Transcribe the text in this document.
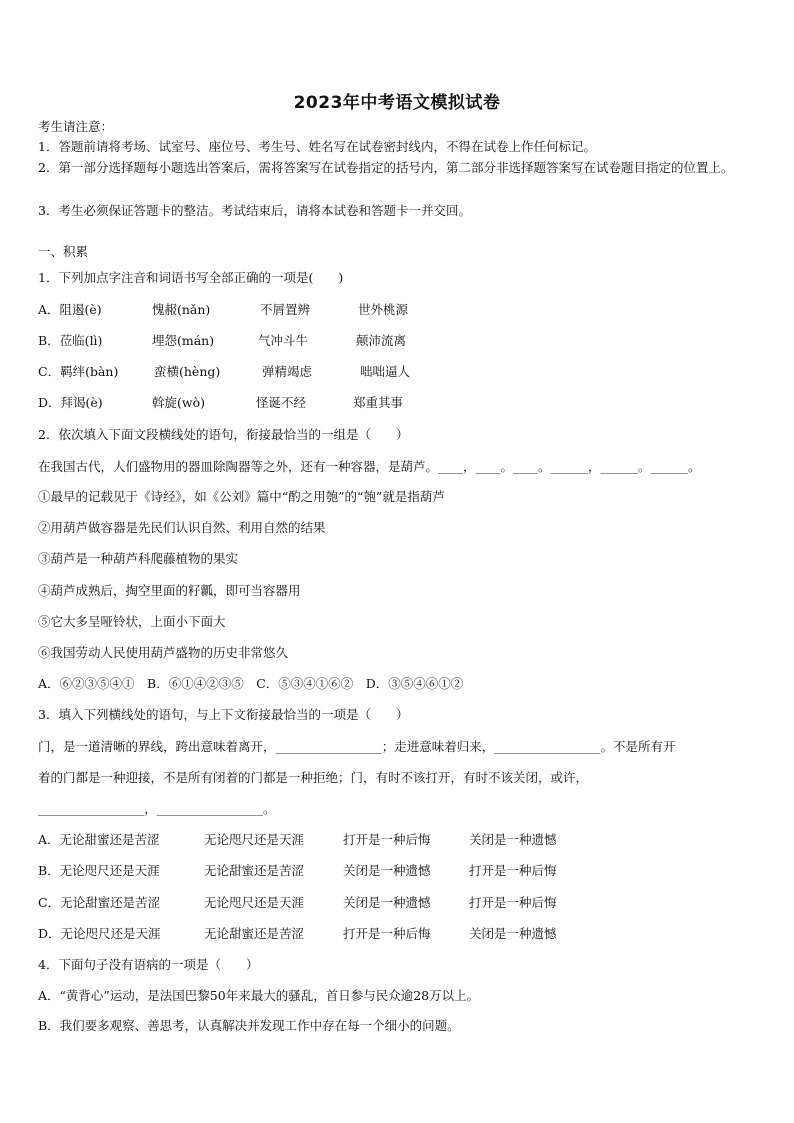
2023年中考语文模拟试卷
考生请注意：
1．答题前请将考场、试室号、座位号、考生号、姓名写在试卷密封线内，不得在试卷上作任何标记。
2．第一部分选择题每小题选出答案后，需将答案写在试卷指定的括号内，第二部分非选择题答案写在试卷题目指定的位置上。
3．考生必须保证答题卡的整洁。考试结束后，请将本试卷和答题卡一并交回。
一、积累
1．下列加点字注音和词语书写全部正确的一项是(　　)
A．阻遏(è)	愧赧(nǎn)	不屑置辨	世外桃源
B．莅临(lì)	埋怨(mán)	气冲斗牛	颠沛流离
C．羁绊(bàn)	蛮横(hèng)	弹精竭虑	咄咄逼人
D．拜谒(è)	斡旋(wò)	怪诞不经	郑重其事
2．依次填入下面文段横线处的语句，衔接最恰当的一组是（　　）
在我国古代，人们盛物用的器皿除陶器等之外，还有一种容器，是葫芦。____，____。____。______，______。______。
①最早的记载见于《诗经》，如《公刘》篇中“酌之用匏”的“匏”就是指葫芦
②用葫芦做容器是先民们认识自然、利用自然的结果
③葫芦是一种葫芦科爬藤植物的果实
④葫芦成熟后，掏空里面的籽瓤，即可当容器用
⑤它大多呈哑铃状，上面小下面大
⑥我国劳动人民使用葫芦盛物的历史非常悠久
A．⑥②③⑤④①　B．⑥①④②③⑤　C．⑤③④①⑥②　D．③⑤④⑥①②
3．填入下列横线处的语句，与上下文衔接最恰当的一项是（　　）
门，是一道清晰的界线，跨出意味着离开，_________________；走进意味着归来，_________________。不是所有开
着的门都是一种迎接，不是所有闭着的门都是一种拒绝；门，有时不该打开，有时不该关闭，或许，
_________________，_________________。
A．无论甜蜜还是苦涩	无论咫尺还是天涯	打开是一种后悔	关闭是一种遗憾
B．无论咫尺还是天涯	无论甜蜜还是苦涩	关闭是一种遗憾	打开是一种后悔
C．无论甜蜜还是苦涩	无论咫尺还是天涯	关闭是一种遗憾	打开是一种后悔
D．无论咫尺还是天涯	无论甜蜜还是苦涩	打开是一种后悔	关闭是一种遗憾
4．下面句子没有语病的一项是（　　）
A．“黄背心”运动，是法国巴黎50年来最大的骚乱，首日参与民众逾28万以上。
B．我们要多观察、善思考，认真解决并发现工作中存在每一个细小的问题。
